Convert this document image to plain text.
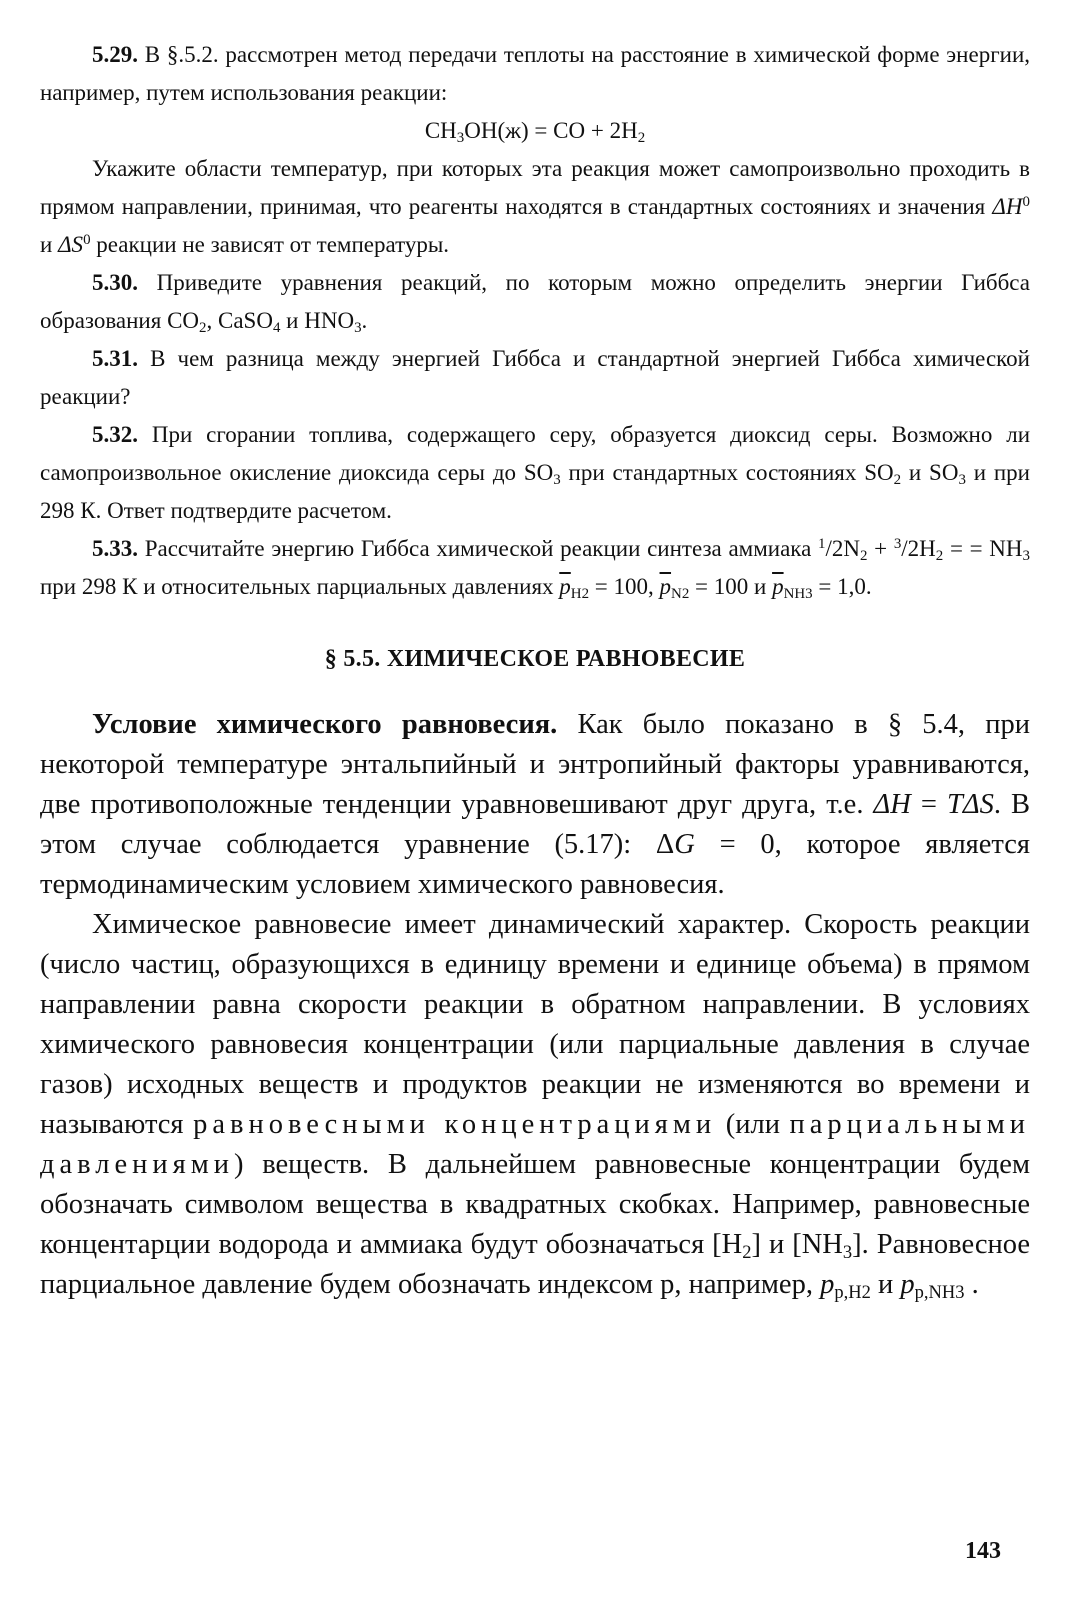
5.29. В §.5.2. рассмотрен метод передачи теплоты на расстояние в химической форме энергии, например, путем использования реакции:

$CH_3OH(ж)$ = CO + $2H_2$

Укажите области температур, при которых эта реакция может самопроизвольно проходить в прямом направлении, принимая, что реагенты находятся в стандартных состояниях и значения $\Delta H^0$ и $\Delta S^0$ реакции не зависят от температуры.

5.30. Приведите уравнения реакций, по которым можно определить энергии Гиббса образования $CO_2$, CaSO$_4$ и $HNO_3$.

5.31. В чем разница между энергией Гиббса и стандартной энергией Гиббса химической реакции?

5.32. При сгорании топлива, содержащего серу, образуется диоксид серы. Возможно ли самопроизвольное окисление диоксида серы до $SO_3$ при стандартных состояниях $SO_2$ и $SO_3$ и при 298 К. Ответ подтвердите расчетом.

5.33. Рассчитайте энергию Гиббса химической реакции синтеза аммиака $^1/2N_2 + ^3/2H_2$ = = $NH_3$ при 298 К и относительных парциальных давлениях $\overline{p}_{H2} = 100$, $\overline{p}_{N2} = 100$ и $\overline{p}_{NH3} = 1,0$.

§ 5.5. ХИМИЧЕСКОЕ РАВНОВЕСИЕ

Условие химического равновесия. Как было показано в § 5.4, при некоторой температуре энтальпийный и энтропийный факторы уравниваются, две противоположные тенденции уравновешивают друг друга, т.е. ΔH = TΔS. В этом случае соблюдается уравнение (5.17): ΔG = 0, которое является термодинамическим условием химического равновесия.

Химическое равновесие имеет динамический характер. Скорость реакции (число частиц, образующихся в единицу времени и единице объема) в прямом направлении равна скорости реакции в обратном направлении. В условиях химического равновесия концентрации (или парциальные давления в случае газов) исходных веществ и продуктов реакции не изменяются во времени и называются равновесными концентрациями (или парциальными давлениями) веществ. В дальнейшем равновесные концентрации будем обозначать символом вещества в квадратных скобках. Например, равновесные концентарции водорода и аммиака будут обозначаться $[H_2]$ и $[NH_3]$. Равновесное парциальное давление будем обозначать индексом р, например, $p_{p,H2}$ и $p_{p,NH3}$ .

143
